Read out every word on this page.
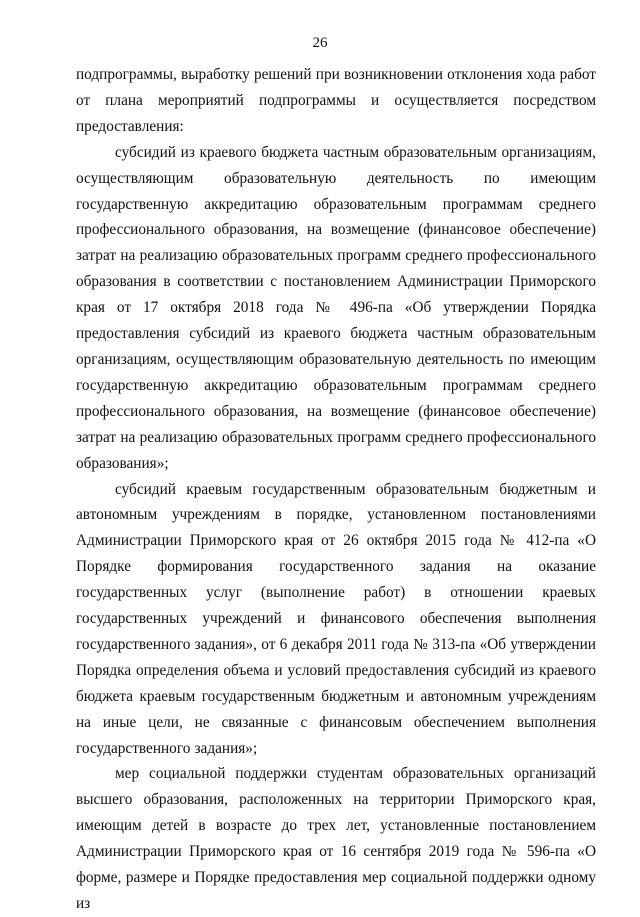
26

подпрограммы, выработку решений при возникновении отклонения хода работ от плана мероприятий подпрограммы и осуществляется посредством предоставления:

субсидий из краевого бюджета частным образовательным организациям, осуществляющим образовательную деятельность по имеющим государственную аккредитацию образовательным программам среднего профессионального образования, на возмещение (финансовое обеспечение) затрат на реализацию образовательных программ среднего профессионального образования в соответствии с постановлением Администрации Приморского края от 17 октября 2018 года № 496-па «Об утверждении Порядка предоставления субсидий из краевого бюджета частным образовательным организациям, осуществляющим образовательную деятельность по имеющим государственную аккредитацию образовательным программам среднего профессионального образования, на возмещение (финансовое обеспечение) затрат на реализацию образовательных программ среднего профессионального образования»;

субсидий краевым государственным образовательным бюджетным и автономным учреждениям в порядке, установленном постановлениями Администрации Приморского края от 26 октября 2015 года № 412-па «О Порядке формирования государственного задания на оказание государственных услуг (выполнение работ) в отношении краевых государственных учреждений и финансового обеспечения выполнения государственного задания», от 6 декабря 2011 года № 313-па «Об утверждении Порядка определения объема и условий предоставления субсидий из краевого бюджета краевым государственным бюджетным и автономным учреждениям на иные цели, не связанные с финансовым обеспечением выполнения государственного задания»;

мер социальной поддержки студентам образовательных организаций высшего образования, расположенных на территории Приморского края, имеющим детей в возрасте до трех лет, установленные постановлением Администрации Приморского края от 16 сентября 2019 года № 596-па «О форме, размере и Порядке предоставления мер социальной поддержки одному из
